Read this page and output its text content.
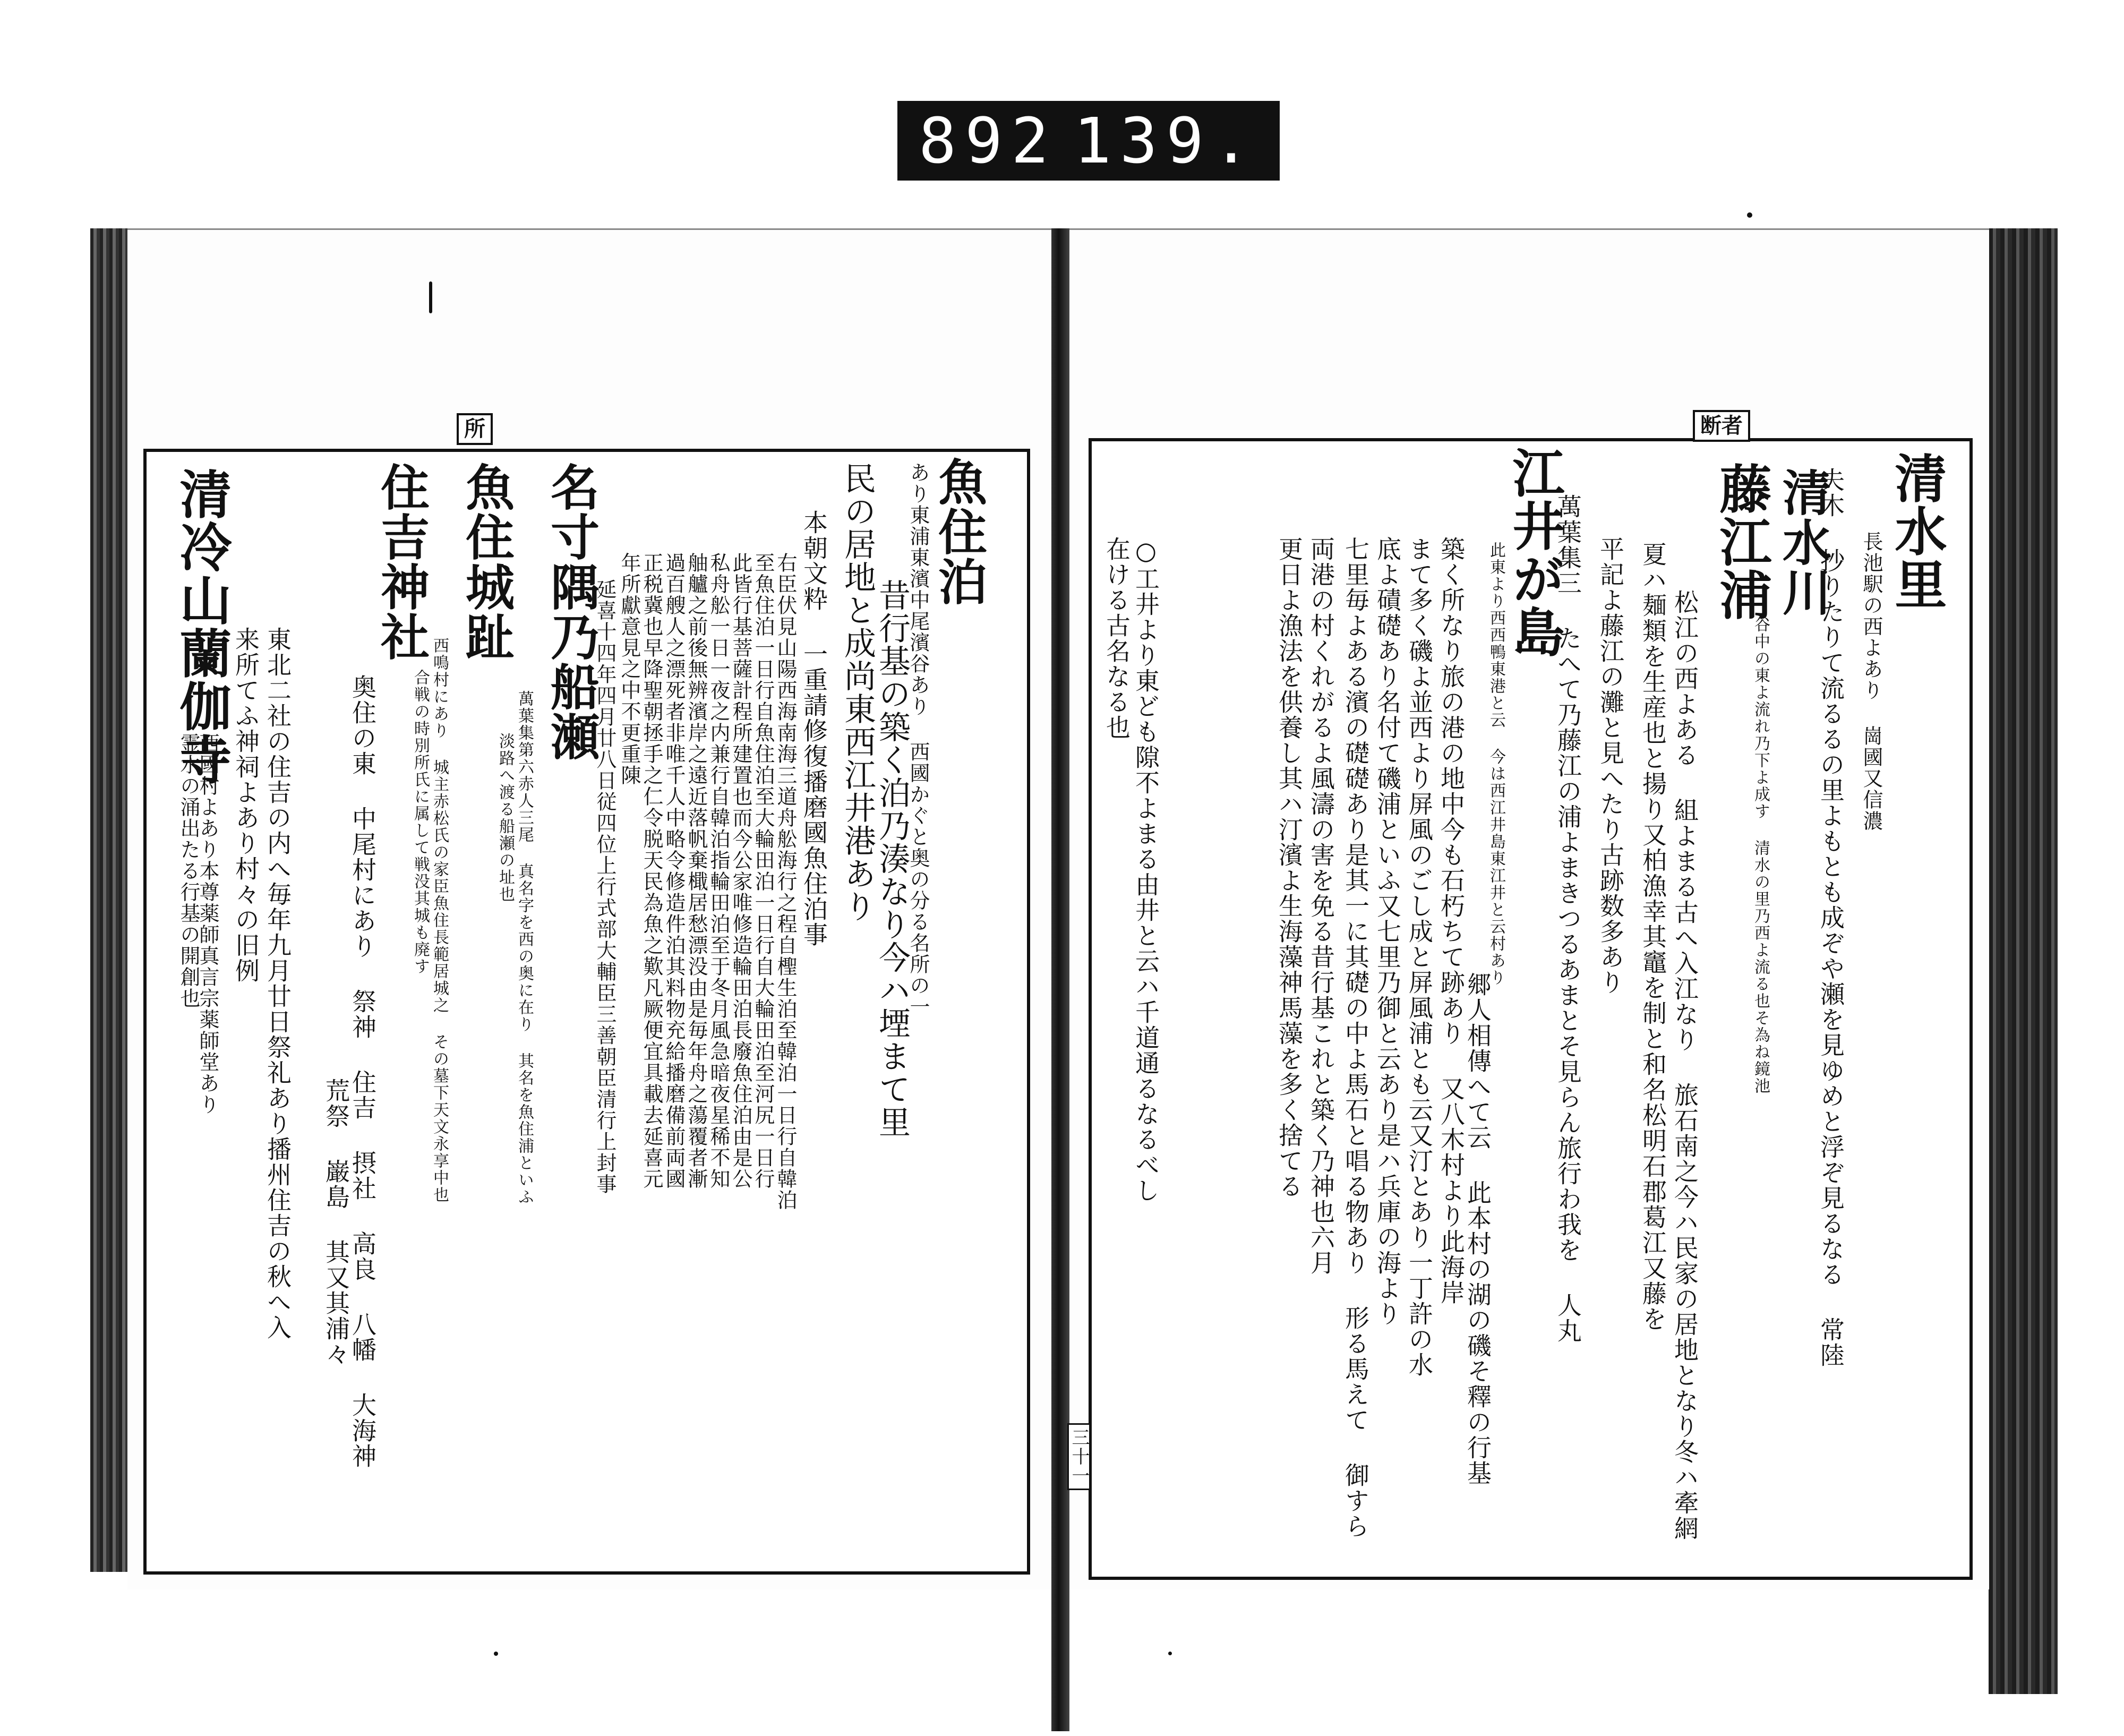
892 139.
所	断者
魚住泊
あり東浦東濱中尾濱谷あり 西國かぐと奥の分る名所の一
昔行基の築く泊乃湊なり今ハ堙まて里
民の居地と成尚東西江井港あり
本朝文粋 一重請修復播磨國魚住泊事
右臣伏見山陽西海南海三道舟舩海行之程自檉生泊至韓泊一日行自韓泊
至魚住泊一日行自魚住泊至大輪田泊一日行自大輪田泊至河尻一日行
此皆行基菩薩計程所建置也而今公家唯修造輪田泊長廢魚住泊由是公
私舟舩一日一夜之内兼行自韓泊指輪田泊至于冬月風急暗夜星稀不知
舳艫之前後無辨濱岸之遠近落帆棄檝居愁漂没由是毎年舟之蕩覆者漸
過百艘人之漂死者非唯千人中略令修造件泊其料物充給播磨備前両國
正税冀也早降聖朝拯手之仁令脱天民為魚之歎凡厥便宜具載去延喜元
年所獻意見之中不更重陳
延喜十四年四月廿八日従四位上行式部大輔臣三善朝臣清行上封事
名寸隅乃船瀬
萬葉集第六赤人三尾 真名字を西の奥に在り 其名を魚住浦といふ
淡路へ渡る船瀬の址也
魚住城趾
西鳴村にあり 城主赤松氏の家臣魚住長範居城之 その墓下天文永享中也
合戦の時別所氏に属して戦没其城も廃す
住吉神社
奥住の東 中尾村にあり 祭神 住吉 摂社 高良 八幡 大海神
荒祭 巌島 其又其浦々
東北二社の住吉の内へ毎年九月廿日祭礼あり播州住吉の秋へ入
来所てふ神祠よあり村々の旧例
清冷山蘭伽寺
西國村よあり本尊薬師真言宗薬師堂あり
霊水の涌出たる行基の開創也
清水里
長池駅の西よあり 崗國又信濃
夫木 抄りたりて流るるの里よもとも成ぞや瀬を見ゆめと浮ぞ見るなる 常陸
清水川
谷中の東よ流れ乃下よ成す 清水の里乃西よ流る也そ為ね鏡池
藤江浦
松江の西よある 組よまる古へ入江なり 旅石南之今ハ民家の居地となり冬ハ牽網
夏ハ麺類を生産也と揚り又柏漁幸其竈を制と和名松明石郡葛江又藤を
平記よ藤江の灘と見へたり古跡数多あり
萬葉集三 たへて乃藤江の浦よまきつるあまとそ見らん旅行わ我を 人丸
江井が島
此東より西西鴨東港と云 今は西江井島東江井と云村あり
郷人相傳へて云 此本村の湖の磯そ釋の行基
築く所なり旅の港の地中今も石朽ちて跡あり 又八木村より此海岸
まて多く磯よ並西より屏風のごし成と屏風浦とも云又汀とあり一丁許の水
底よ磧礎あり名付て磯浦といふ又七里乃御と云あり是ハ兵庫の海より
七里毎よある濱の礎礎あり是其一に其礎の中よ馬石と唱る物あり 形る馬えて 御すら
両港の村くれがるよ風濤の害を免る昔行基これと築く乃神也六月
更日よ漁法を供養し其ハ汀濱よ生海藻神馬藻を多く捨てる
○工井より東ども隙不よまる由井と云ハ千道通るなるべし
在ける古名なる也
三十一
